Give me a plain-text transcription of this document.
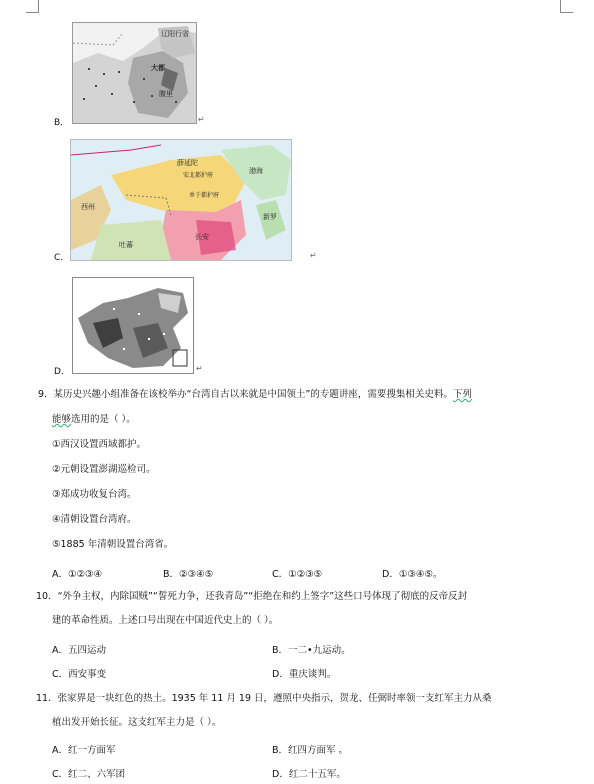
辽阳行省
大都
腹里
B．	↵
薛延陀
安北都护府
单于都护府
吐蕃
长安
渤海
新罗
西州
C．	↵
D．	↵
9．某历史兴趣小组准备在该校举办“台湾自古以来就是中国领土”的专题讲座，需要搜集相关史料。下列
能够选用的是（ ）。
①西汉设置西域都护。
②元朝设置澎湖巡检司。
③郑成功收复台湾。
④清朝设置台湾府。
⑤1885 年清朝设置台湾省。
A．①②③④	B．②③④⑤	C．①②③⑤	D．①③④⑤。
10．“外争主权，内除国贼”“誓死力争，还我青岛”“拒绝在和约上签字”这些口号体现了彻底的反帝反封
建的革命性质。上述口号出现在中国近代史上的（ ）。
A．五四运动	B．一二•九运动。
C．西安事变	D．重庆谈判。
11．张家界是一块红色的热土。1935 年 11 月 19 日，遵照中央指示，贺龙、任弼时率领一支红军主力从桑
植出发开始长征。这支红军主力是（ ）。
A．红一方面军	B．红四方面军 。
C．红二、六军团	D．红二十五军。
